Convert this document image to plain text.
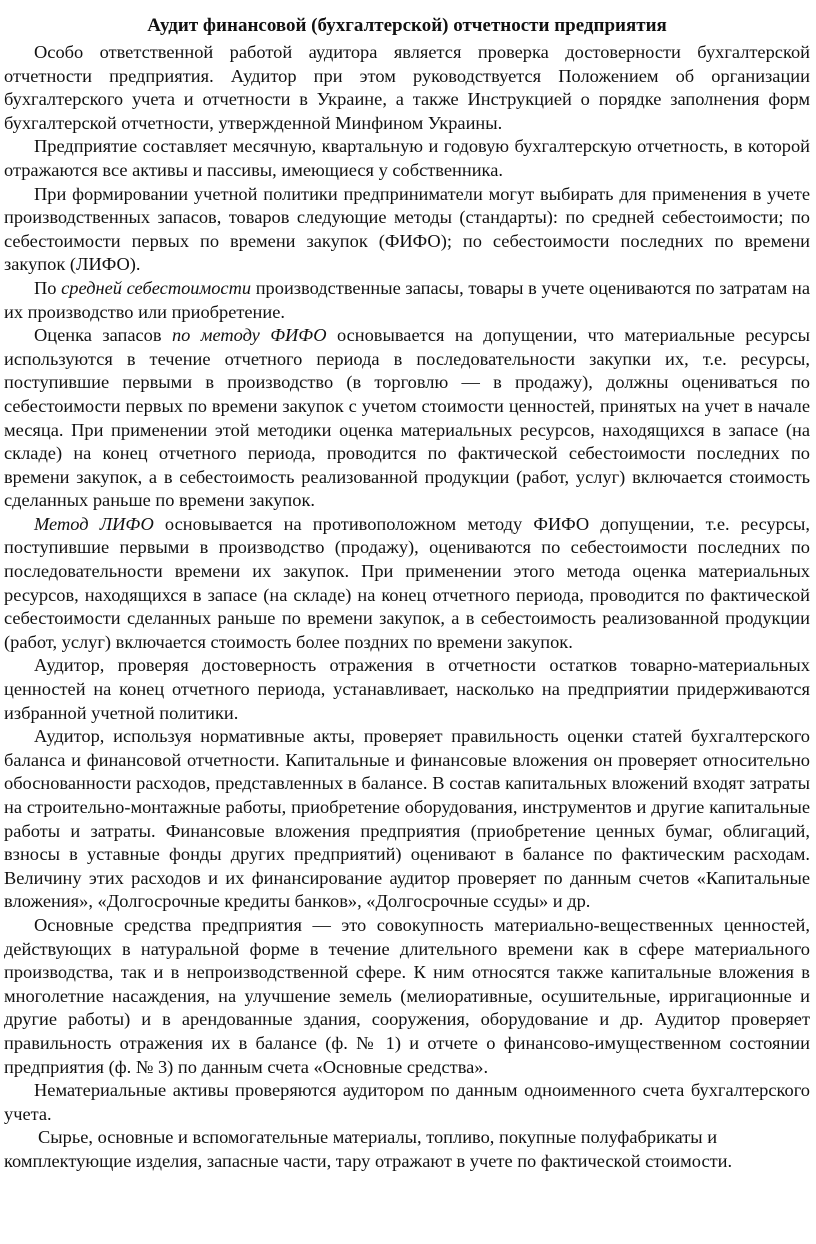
Аудит финансовой (бухгалтерской) отчетности предприятия

Особо ответственной работой аудитора является проверка достоверности бухгалтерской отчетности предприятия. Аудитор при этом руководствуется Положением об организации бухгалтерского учета и отчетности в Украине, а также Инструкцией о порядке заполнения форм бухгалтерской отчетности, утвержденной Минфином Украины.

Предприятие составляет месячную, квартальную и годовую бухгалтерскую отчетность, в которой отражаются все активы и пассивы, имеющиеся у собственника.

При формировании учетной политики предприниматели могут выбирать для применения в учете производственных запасов, товаров следующие методы (стандарты): по средней себестоимости; по себестоимости первых по времени закупок (ФИФО); по себестоимости последних по времени закупок (ЛИФО).

По средней себестоимости производственные запасы, товары в учете оцениваются по затратам на их производство или приобретение.

Оценка запасов по методу ФИФО основывается на допущении, что материальные ресурсы используются в течение отчетного периода в последовательности закупки их, т.е. ресурсы, поступившие первыми в производство (в торговлю — в продажу), должны оцениваться по себестоимости первых по времени закупок с учетом стоимости ценностей, принятых на учет в начале месяца. При применении этой методики оценка материальных ресурсов, находящихся в запасе (на складе) на конец отчетного периода, проводится по фактической себестоимости последних по времени закупок, а в себестоимость реализованной продукции (работ, услуг) включается стоимость сделанных раньше по времени закупок.

Метод ЛИФО основывается на противоположном методу ФИФО допущении, т.е. ресурсы, поступившие первыми в производство (продажу), оцениваются по себестоимости последних по последовательности времени их закупок. При применении этого метода оценка материальных ресурсов, находящихся в запасе (на складе) на конец отчетного периода, проводится по фактической себестоимости сделанных раньше по времени закупок, а в себестоимость реализованной продукции (работ, услуг) включается стоимость более поздних по времени закупок.

Аудитор, проверяя достоверность отражения в отчетности остатков товарно-материальных ценностей на конец отчетного периода, устанавливает, насколько на предприятии придерживаются избранной учетной политики.

Аудитор, используя нормативные акты, проверяет правильность оценки статей бухгалтерского баланса и финансовой отчетности. Капитальные и финансовые вложения он проверяет относительно обоснованности расходов, представленных в балансе. В состав капитальных вложений входят затраты на строительно-монтажные работы, приобретение оборудования, инструментов и другие капитальные работы и затраты. Финансовые вложения предприятия (приобретение ценных бумаг, облигаций, взносы в уставные фонды других предприятий) оценивают в балансе по фактическим расходам. Величину этих расходов и их финансирование аудитор проверяет по данным счетов «Капитальные вложения», «Долгосрочные кредиты банков», «Долгосрочные ссуды» и др.

Основные средства предприятия — это совокупность материально-вещественных ценностей, действующих в натуральной форме в течение длительного времени как в сфере материального производства, так и в непроизводственной сфере. К ним относятся также капитальные вложения в многолетние насаждения, на улучшение земель (мелиоративные, осушительные, ирригационные и другие работы) и в арендованные здания, сооружения, оборудование и др. Аудитор проверяет правильность отражения их в балансе (ф. № 1) и отчете о финансово-имущественном состоянии предприятия (ф. № 3) по данным счета «Основные средства».

Нематериальные активы проверяются аудитором по данным одноименного счета бухгалтерского учета.

Сырье, основные и вспомогательные материалы, топливо, покупные полуфабрикаты и комплектующие изделия, запасные части, тару отражают в учете по фактической стоимости.
